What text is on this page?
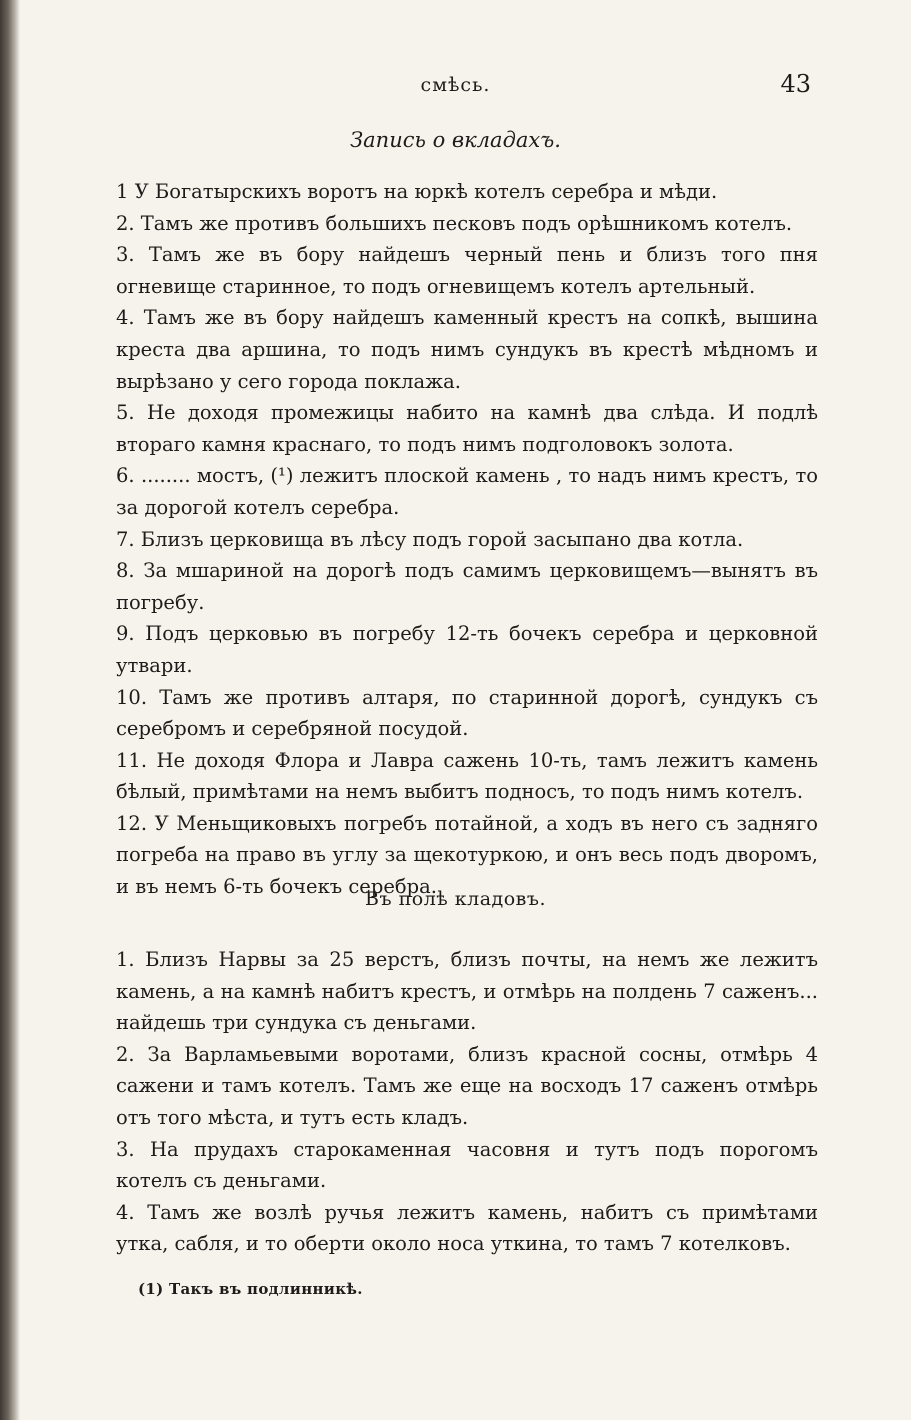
смѣсь.	43
Запись о вкладахъ.

1 У Богатырскихъ воротъ на юркѣ котелъ серебра и мѣди.

2. Тамъ же противъ большихъ песковъ подъ орѣшникомъ котелъ.

3. Тамъ же въ бору найдешъ черный пень и близъ того пня огневище старинное, то подъ огневищемъ котелъ артельный.

4. Тамъ же въ бору найдешъ каменный крестъ на сопкѣ, вышина креста два аршина, то подъ нимъ сундукъ въ крестѣ мѣдномъ и вырѣзано у сего города поклажа.

5. Не доходя промежицы набито на камнѣ два слѣда. И подлѣ втораго камня краснаго, то подъ нимъ подголовокъ золота.

6. ........ мостъ, (¹) лежитъ плоской камень , то надъ нимъ крестъ, то за дорогой котелъ серебра.

7. Близъ церковища въ лѣсу подъ горой засыпано два котла.

8. За мшариной на дорогѣ подъ самимъ церковищемъ—вынятъ въ погребу.

9. Подъ церковью въ погребу 12-ть бочекъ серебра и церковной утвари.

10. Тамъ же противъ алтаря, по старинной дорогѣ, сундукъ съ серебромъ и серебряной посудой.

11. Не доходя Флора и Лавра сажень 10-ть, тамъ лежитъ камень бѣлый, примѣтами на немъ выбитъ подносъ, то подъ нимъ котелъ.

12. У Меньщиковыхъ погребъ потайной, а ходъ въ него съ задняго погреба на право въ углу за щекотуркою, и онъ весь подъ дворомъ, и въ немъ 6-ть бочекъ серебра.

Въ полѣ кладовъ.

1. Близъ Нарвы за 25 верстъ, близъ почты, на немъ же лежитъ камень, а на камнѣ набитъ крестъ, и отмѣрь на полдень 7 саженъ... найдешь три сундука съ деньгами.

2. За Варламьевыми воротами, близъ красной сосны, отмѣрь 4 сажени и тамъ котелъ. Тамъ же еще на восходъ 17 саженъ отмѣрь отъ того мѣста, и тутъ есть кладъ.

3. На прудахъ старокаменная часовня и тутъ подъ порогомъ котелъ съ деньгами.

4. Тамъ же возлѣ ручья лежитъ камень, набитъ съ примѣтами утка, сабля, и то оберти около носа уткина, то тамъ 7 котелковъ.

(1) Такъ въ подлинникѣ.
